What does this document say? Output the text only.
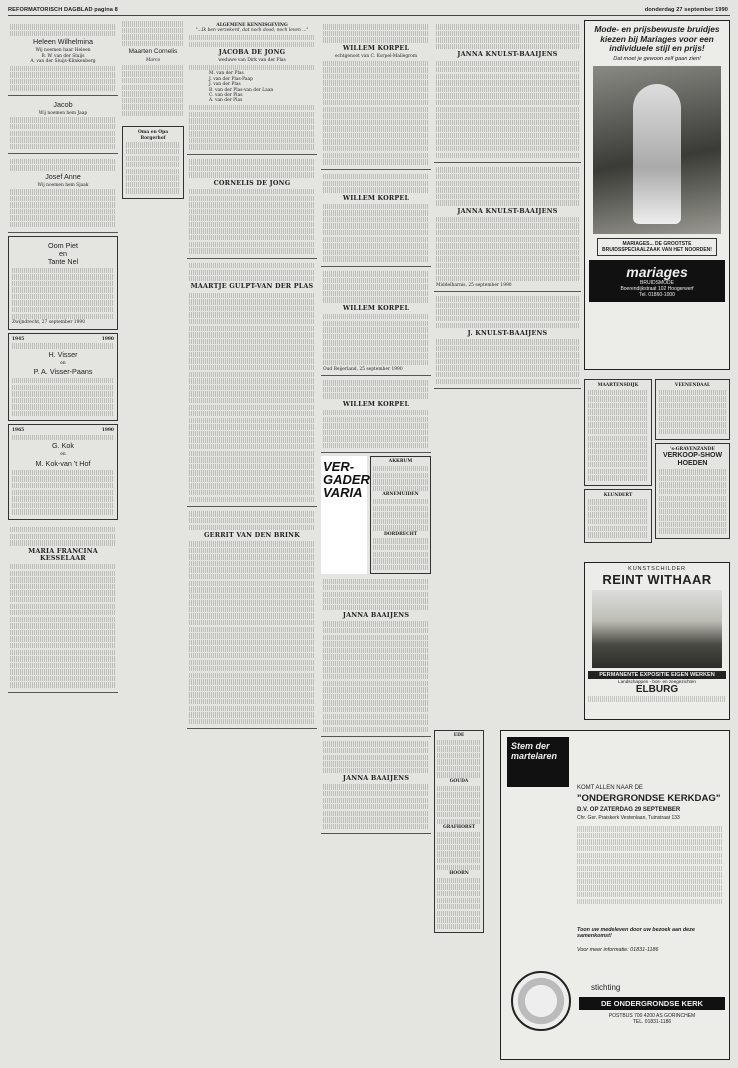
REFORMATORISCH DAGBLAD pagina 8	donderdag 27 september 1990
Heleen Wilhelmina
Wij noemen haar Heleen
B. W. van der Sluijs
A. van der Sluijs-Klinkenberg
Jacob
Wij noemen hem Jaap
Josef Anne
Wij noemen hem Sjaak
Oom Piet
en
Tante Nel
Zwijndrecht, 27 september 1990
1945	1990
H. Visser
en
P. A. Visser-Paans
1965	1990
G. Kok
en
M. Kok-van 't Hof
MARIA FRANCINA KESSELAAR
Maarten Cornelis
Marco
Oma en Opa Borgerhof
ALGEMENE KENNISGEVING
"...Ik ben verzekerd, dat noch dood, noch leven ..."
JACOBA DE JONG
weduwe van Dirk van der Plas
M. van der Plas
J. van der Plas-Paap
J. van der Plas
B. van der Plas-van der Laan
C. van der Plas
A. van der Plas
CORNELIS DE JONG
MAARTJE GULPT-VAN DER PLAS
GERRIT VAN DEN BRINK
WILLEM KORPEL
echtgenoot van C. Korpel-Mallegrom
WILLEM KORPEL
WILLEM KORPEL
Oud Beijerland, 25 september 1990
WILLEM KORPEL
VER-
GADER
VARIA
AKKRUM
ARNEMUIDEN
DORDRECHT
JANNA BAAIJENS
JANNA BAAIJENS
EDE
GOUDA
GRAFHORST
HOORN
JANNA KNULST-BAAIJENS
JANNA KNULST-BAAIJENS
Middelharnis, 25 september 1990
J. KNULST-BAAIJENS
MAARTENSDIJK
KLUNDERT
VEENENDAAL
's-GRAVENZANDE
VERKOOP-SHOW HOEDEN
Mode- en prijsbewuste bruidjes kiezen bij Mariages voor een individuele stijl en prijs!
Dat moet je gewoon zelf gaan zien!
MARIAGES... DE GROOTSTE BRUIDSSPECIAALZAAK VAN HET NOORDEN!
mariages
BRUIDSMODE
Boerendijkstraat 102 Hoogerwerf
Tel. 01860-1000
KUNSTSCHILDER
REINT WITHAAR
PERMANENTE EXPOSITIE EIGEN WERKEN
Landschappen - bos- en zeegezichten
ELBURG
Stem der martelaren
KOMT ALLEN NAAR DE
"ONDERGRONDSE KERKDAG"
D.V. OP ZATERDAG 29 SEPTEMBER
Chr. Ger. Praiskerk Vestenlaan, Tuinstraat 133
Toon uw medeleven door uw bezoek aan deze samenkomst!
Voor meer informatie: 01831-1186
stichting
DE ONDERGRONDSE KERK
POSTBUS 700 4200 AS GORINCHEM
TEL. 01831-1186
